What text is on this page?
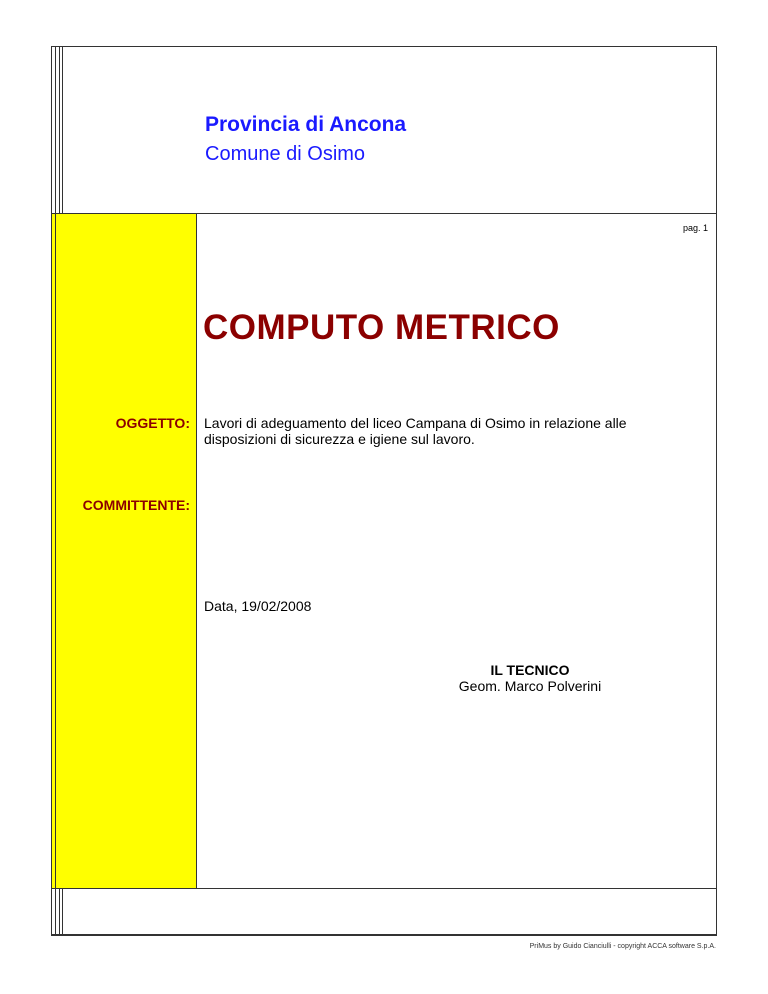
Provincia di Ancona
Comune di Osimo
pag. 1
COMPUTO METRICO
OGGETTO: Lavori di adeguamento del liceo Campana di Osimo in relazione alle disposizioni di sicurezza e igiene sul lavoro.
COMMITTENTE:
Data, 19/02/2008
IL TECNICO
Geom. Marco Polverini
PriMus by Guido Cianciulli - copyright ACCA software S.p.A.
